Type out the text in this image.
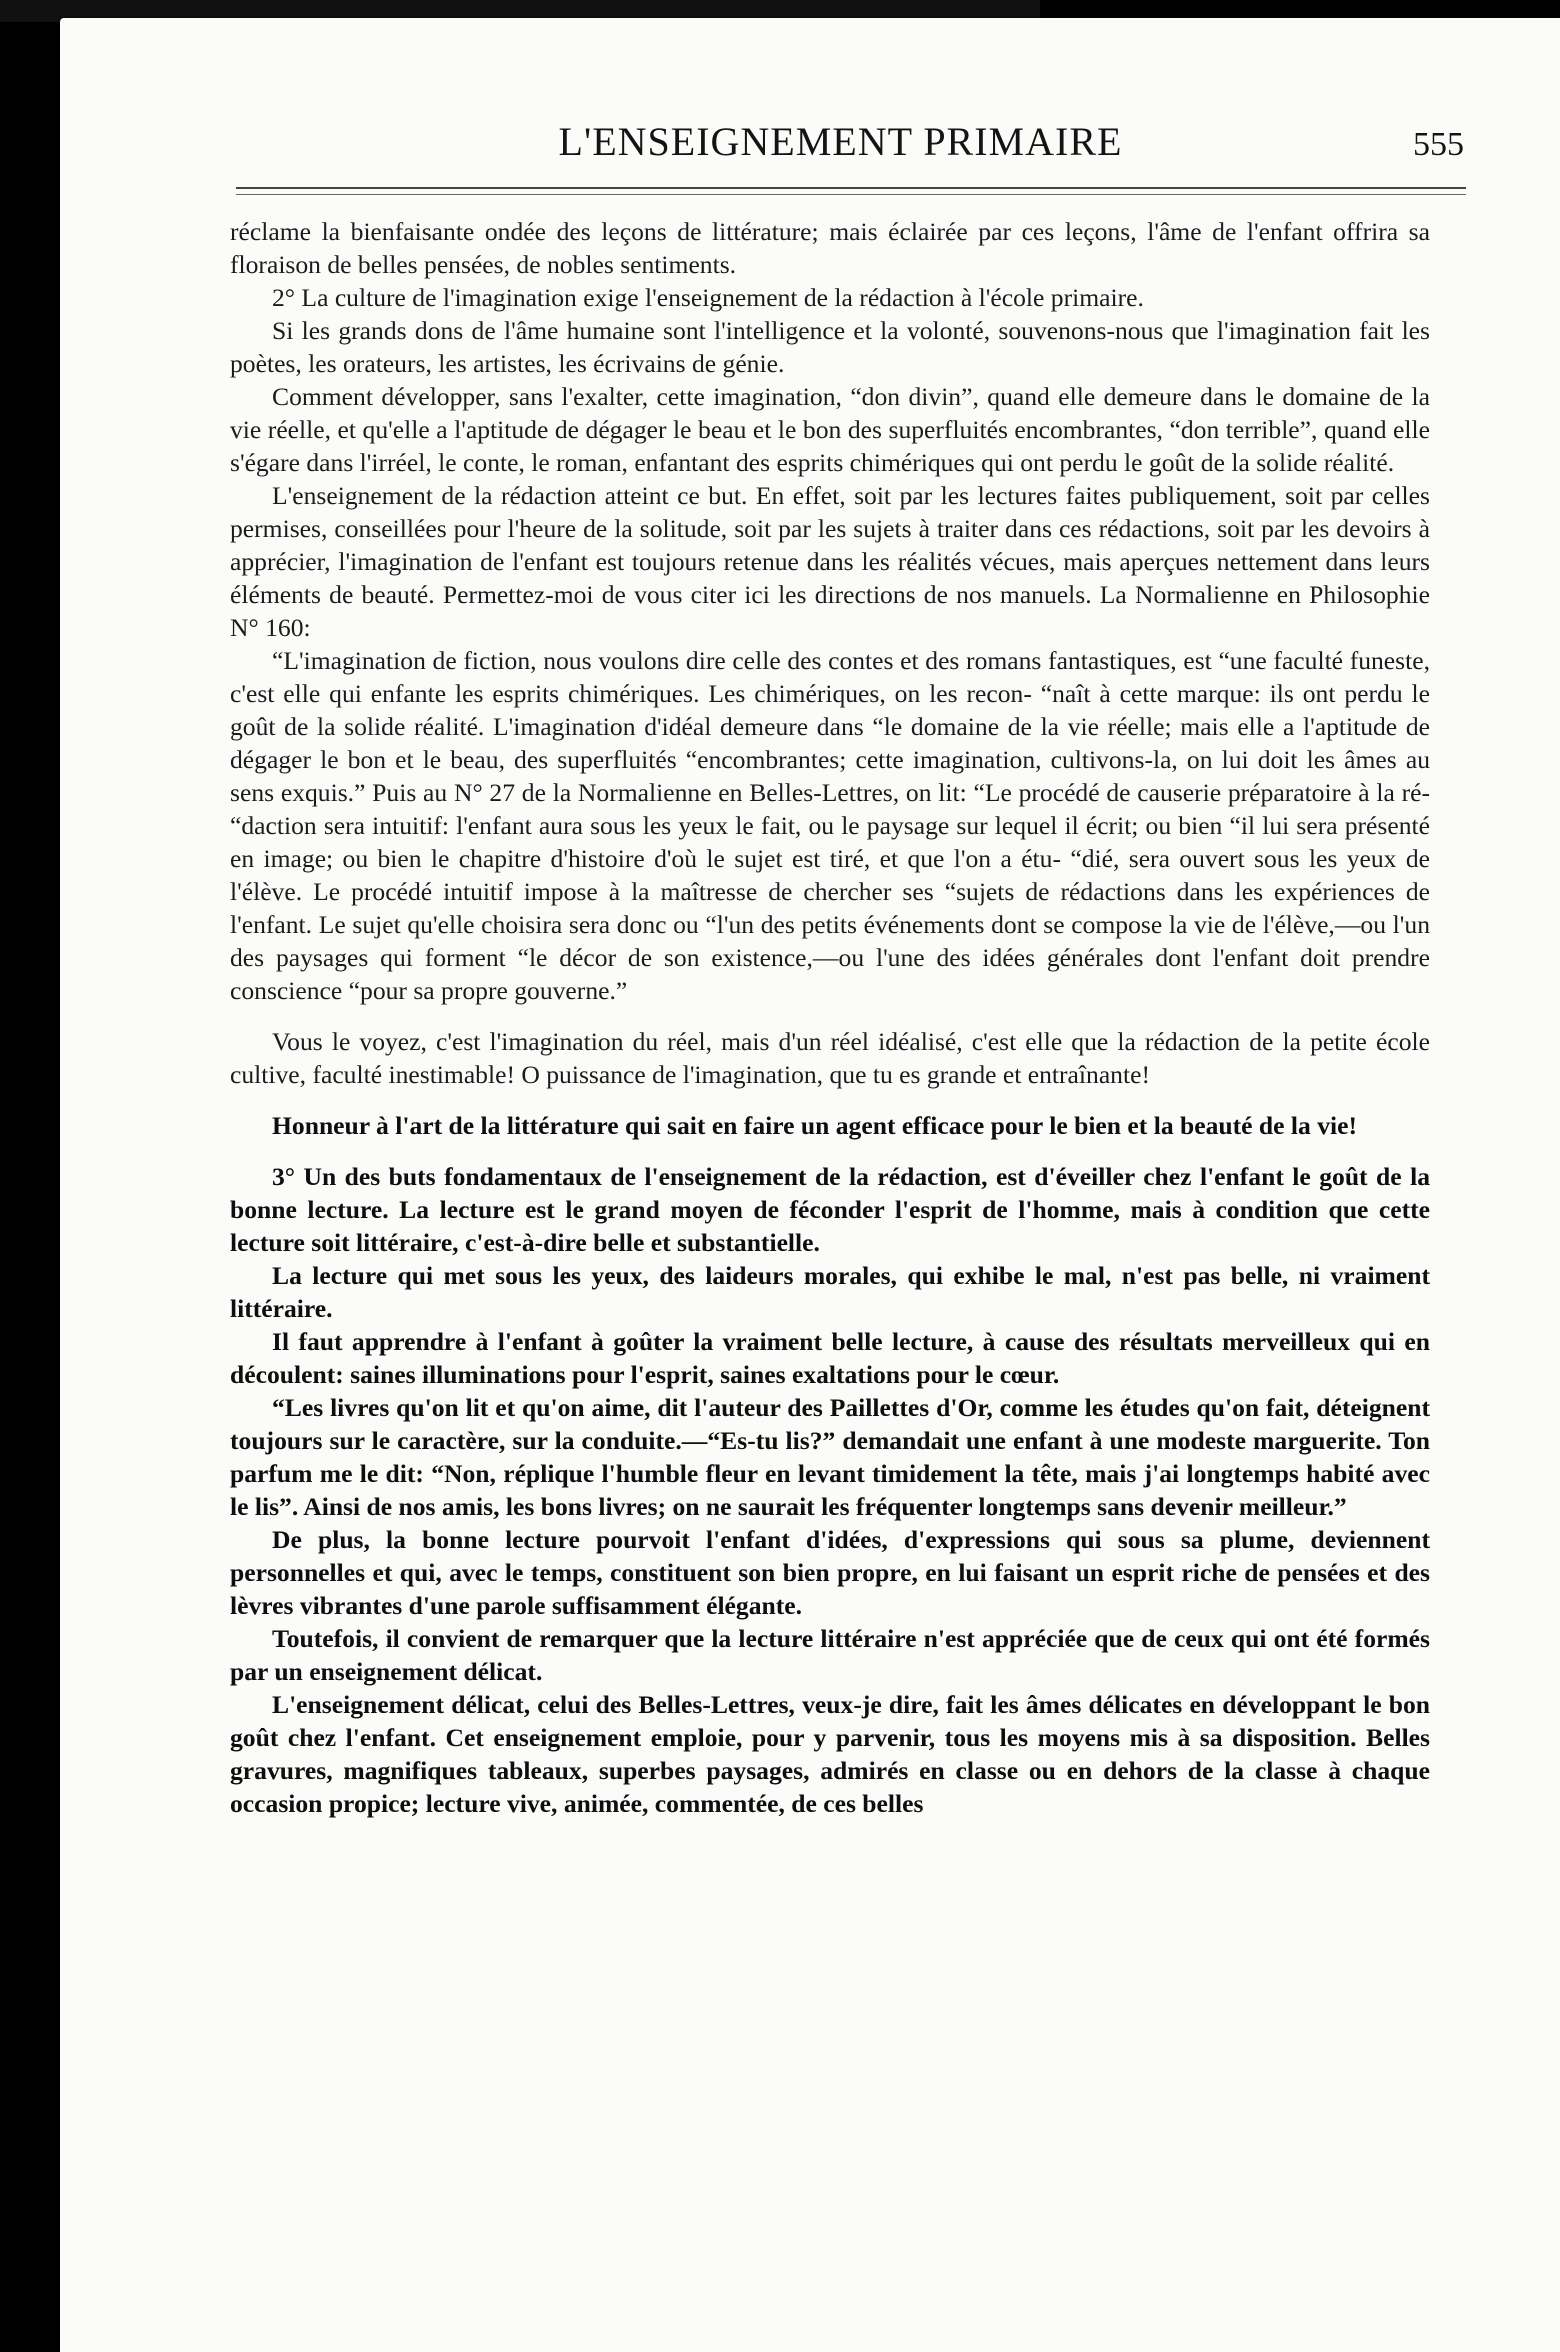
L'ENSEIGNEMENT PRIMAIRE	555

réclame la bienfaisante ondée des leçons de littérature; mais éclairée par ces leçons, l'âme de l'enfant offrira sa floraison de belles pensées, de nobles sentiments.

2° La culture de l'imagination exige l'enseignement de la rédaction à l'école primaire.

Si les grands dons de l'âme humaine sont l'intelligence et la volonté, souvenons-nous que l'imagination fait les poètes, les orateurs, les artistes, les écrivains de génie.

Comment développer, sans l'exalter, cette imagination, “don divin”, quand elle demeure dans le domaine de la vie réelle, et qu'elle a l'aptitude de dégager le beau et le bon des superfluités encombrantes, “don terrible”, quand elle s'égare dans l'irréel, le conte, le roman, enfantant des esprits chimériques qui ont perdu le goût de la solide réalité.

L'enseignement de la rédaction atteint ce but. En effet, soit par les lectures faites publiquement, soit par celles permises, conseillées pour l'heure de la solitude, soit par les sujets à traiter dans ces rédactions, soit par les devoirs à apprécier, l'imagination de l'enfant est toujours retenue dans les réalités vécues, mais aperçues nettement dans leurs éléments de beauté. Permettez-moi de vous citer ici les directions de nos manuels. La Normalienne en Philosophie N° 160:

“L'imagination de fiction, nous voulons dire celle des contes et des romans fantastiques, est “une faculté funeste, c'est elle qui enfante les esprits chimériques. Les chimériques, on les recon- “naît à cette marque: ils ont perdu le goût de la solide réalité. L'imagination d'idéal demeure dans “le domaine de la vie réelle; mais elle a l'aptitude de dégager le bon et le beau, des superfluités “encombrantes; cette imagination, cultivons-la, on lui doit les âmes au sens exquis.” Puis au N° 27 de la Normalienne en Belles-Lettres, on lit: “Le procédé de causerie préparatoire à la ré- “daction sera intuitif: l'enfant aura sous les yeux le fait, ou le paysage sur lequel il écrit; ou bien “il lui sera présenté en image; ou bien le chapitre d'histoire d'où le sujet est tiré, et que l'on a étu- “dié, sera ouvert sous les yeux de l'élève. Le procédé intuitif impose à la maîtresse de chercher ses “sujets de rédactions dans les expériences de l'enfant. Le sujet qu'elle choisira sera donc ou “l'un des petits événements dont se compose la vie de l'élève,—ou l'un des paysages qui forment “le décor de son existence,—ou l'une des idées générales dont l'enfant doit prendre conscience “pour sa propre gouverne.”

Vous le voyez, c'est l'imagination du réel, mais d'un réel idéalisé, c'est elle que la rédaction de la petite école cultive, faculté inestimable! O puissance de l'imagination, que tu es grande et entraînante!

Honneur à l'art de la littérature qui sait en faire un agent efficace pour le bien et la beauté de la vie!

3° Un des buts fondamentaux de l'enseignement de la rédaction, est d'éveiller chez l'enfant le goût de la bonne lecture. La lecture est le grand moyen de féconder l'esprit de l'homme, mais à condition que cette lecture soit littéraire, c'est-à-dire belle et substantielle.

La lecture qui met sous les yeux, des laideurs morales, qui exhibe le mal, n'est pas belle, ni vraiment littéraire.

Il faut apprendre à l'enfant à goûter la vraiment belle lecture, à cause des résultats merveilleux qui en découlent: saines illuminations pour l'esprit, saines exaltations pour le cœur.

“Les livres qu'on lit et qu'on aime, dit l'auteur des Paillettes d'Or, comme les études qu'on fait, déteignent toujours sur le caractère, sur la conduite.—“Es-tu lis?” demandait une enfant à une modeste marguerite. Ton parfum me le dit: “Non, réplique l'humble fleur en levant timidement la tête, mais j'ai longtemps habité avec le lis”. Ainsi de nos amis, les bons livres; on ne saurait les fréquenter longtemps sans devenir meilleur.”

De plus, la bonne lecture pourvoit l'enfant d'idées, d'expressions qui sous sa plume, deviennent personnelles et qui, avec le temps, constituent son bien propre, en lui faisant un esprit riche de pensées et des lèvres vibrantes d'une parole suffisamment élégante.

Toutefois, il convient de remarquer que la lecture littéraire n'est appréciée que de ceux qui ont été formés par un enseignement délicat.

L'enseignement délicat, celui des Belles-Lettres, veux-je dire, fait les âmes délicates en développant le bon goût chez l'enfant. Cet enseignement emploie, pour y parvenir, tous les moyens mis à sa disposition. Belles gravures, magnifiques tableaux, superbes paysages, admirés en classe ou en dehors de la classe à chaque occasion propice; lecture vive, animée, commentée, de ces belles
